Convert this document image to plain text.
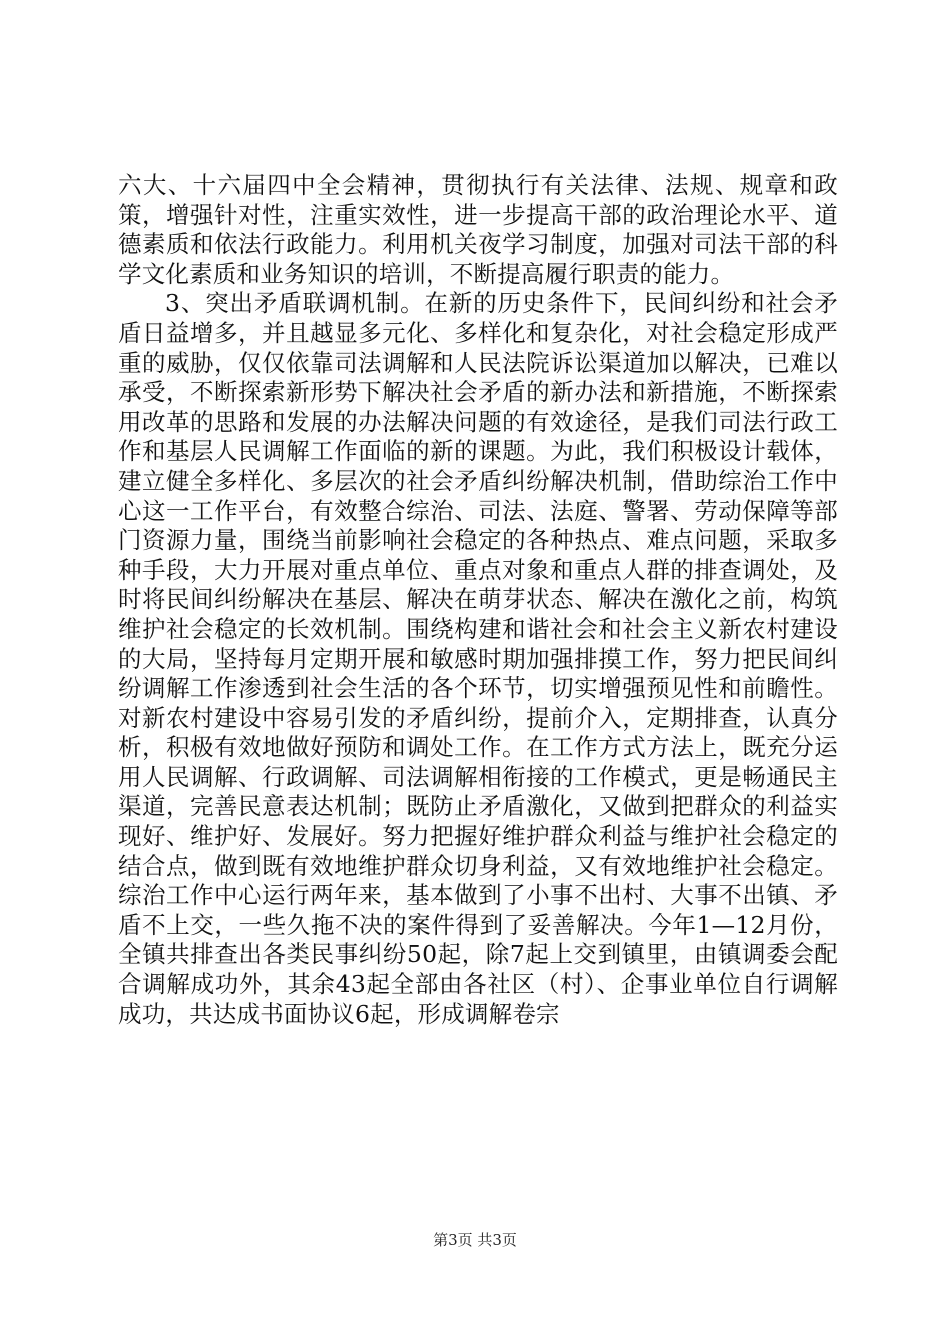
六大、十六届四中全会精神，贯彻执行有关法律、法规、规章和政策，增强针对性，注重实效性，进一步提高干部的政治理论水平、道德素质和依法行政能力。利用机关夜学习制度，加强对司法干部的科学文化素质和业务知识的培训，不断提高履行职责的能力。

3、突出矛盾联调机制。在新的历史条件下，民间纠纷和社会矛盾日益增多，并且越显多元化、多样化和复杂化，对社会稳定形成严重的威胁，仅仅依靠司法调解和人民法院诉讼渠道加以解决，已难以承受，不断探索新形势下解决社会矛盾的新办法和新措施，不断探索用改革的思路和发展的办法解决问题的有效途径，是我们司法行政工作和基层人民调解工作面临的新的课题。为此，我们积极设计载体，建立健全多样化、多层次的社会矛盾纠纷解决机制，借助综治工作中心这一工作平台，有效整合综治、司法、法庭、警署、劳动保障等部门资源力量，围绕当前影响社会稳定的各种热点、难点问题，采取多种手段，大力开展对重点单位、重点对象和重点人群的排查调处，及时将民间纠纷解决在基层、解决在萌芽状态、解决在激化之前，构筑维护社会稳定的长效机制。围绕构建和谐社会和社会主义新农村建设的大局，坚持每月定期开展和敏感时期加强排摸工作，努力把民间纠纷调解工作渗透到社会生活的各个环节，切实增强预见性和前瞻性。对新农村建设中容易引发的矛盾纠纷，提前介入，定期排查，认真分析，积极有效地做好预防和调处工作。在工作方式方法上，既充分运用人民调解、行政调解、司法调解相衔接的工作模式，更是畅通民主渠道，完善民意表达机制；既防止矛盾激化，又做到把群众的利益实现好、维护好、发展好。努力把握好维护群众利益与维护社会稳定的结合点，做到既有效地维护群众切身利益，又有效地维护社会稳定。综治工作中心运行两年来，基本做到了小事不出村、大事不出镇、矛盾不上交，一些久拖不决的案件得到了妥善解决。今年1—12月份，全镇共排查出各类民事纠纷50起，除7起上交到镇里，由镇调委会配合调解成功外，其余43起全部由各社区（村）、企事业单位自行调解成功，共达成书面协议6起，形成调解卷宗

第3页 共3页
